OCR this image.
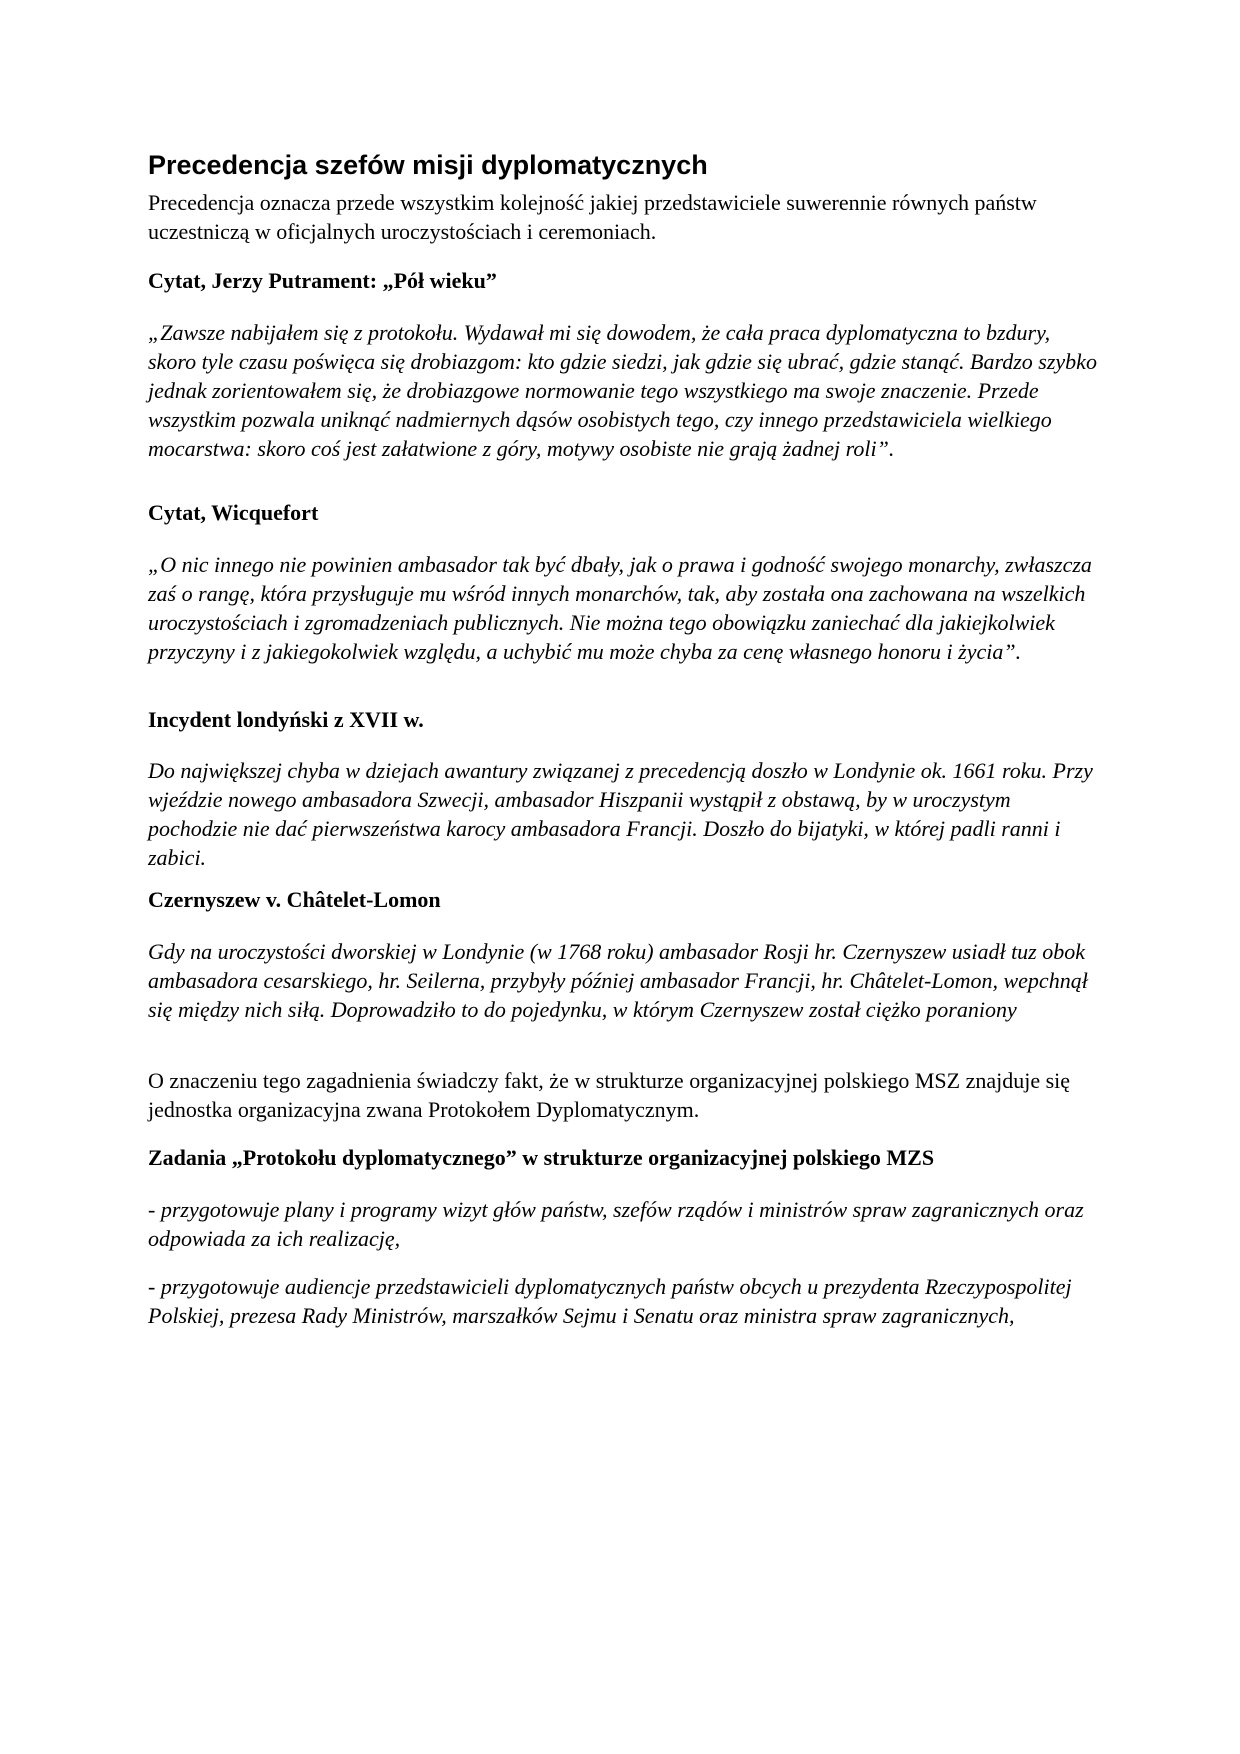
Precedencja szefów misji dyplomatycznych

Precedencja oznacza przede wszystkim kolejność jakiej przedstawiciele suwerennie równych państw uczestniczą w oficjalnych uroczystościach i ceremoniach.

Cytat, Jerzy Putrament: „Pół wieku”

„Zawsze nabijałem się z protokołu. Wydawał mi się dowodem, że cała praca dyplomatyczna to bzdury, skoro tyle czasu poświęca się drobiazgom: kto gdzie siedzi, jak gdzie się ubrać, gdzie stanąć. Bardzo szybko jednak zorientowałem się, że drobiazgowe normowanie tego wszystkiego ma swoje znaczenie. Przede wszystkim pozwala uniknąć nadmiernych dąsów osobistych tego, czy innego przedstawiciela wielkiego mocarstwa: skoro coś jest załatwione z góry, motywy osobiste nie grają żadnej roli”.

Cytat, Wicquefort

„O nic innego nie powinien ambasador tak być dbały, jak o prawa i godność swojego monarchy, zwłaszcza zaś o rangę, która przysługuje mu wśród innych monarchów, tak, aby została ona zachowana na wszelkich uroczystościach i zgromadzeniach publicznych. Nie można tego obowiązku zaniechać dla jakiejkolwiek przyczyny i z jakiegokolwiek względu, a uchybić mu może chyba za cenę własnego honoru i życia”.

Incydent londyński z XVII w.

Do największej chyba w dziejach awantury związanej z precedencją doszło w Londynie ok. 1661 roku. Przy wjeździe nowego ambasadora Szwecji, ambasador Hiszpanii wystąpił z obstawą, by w uroczystym pochodzie nie dać pierwszeństwa karocy ambasadora Francji. Doszło do bijatyki, w której padli ranni i zabici.

Czernyszew v. Châtelet-Lomon

Gdy na uroczystości dworskiej w Londynie (w 1768 roku) ambasador Rosji hr. Czernyszew usiadł tuz obok ambasadora cesarskiego, hr. Seilerna, przybyły później ambasador Francji, hr. Châtelet-Lomon, wepchnął się między nich siłą. Doprowadziło to do pojedynku, w którym Czernyszew został ciężko poraniony

O znaczeniu tego zagadnienia świadczy fakt, że w strukturze organizacyjnej polskiego MSZ znajduje się jednostka organizacyjna zwana Protokołem Dyplomatycznym.

Zadania „Protokołu dyplomatycznego” w strukturze organizacyjnej polskiego MZS

- przygotowuje plany i programy wizyt głów państw, szefów rządów i ministrów spraw zagranicznych oraz odpowiada za ich realizację,

- przygotowuje audiencje przedstawicieli dyplomatycznych państw obcych u prezydenta Rzeczypospolitej Polskiej, prezesa Rady Ministrów, marszałków Sejmu i Senatu oraz ministra spraw zagranicznych,
